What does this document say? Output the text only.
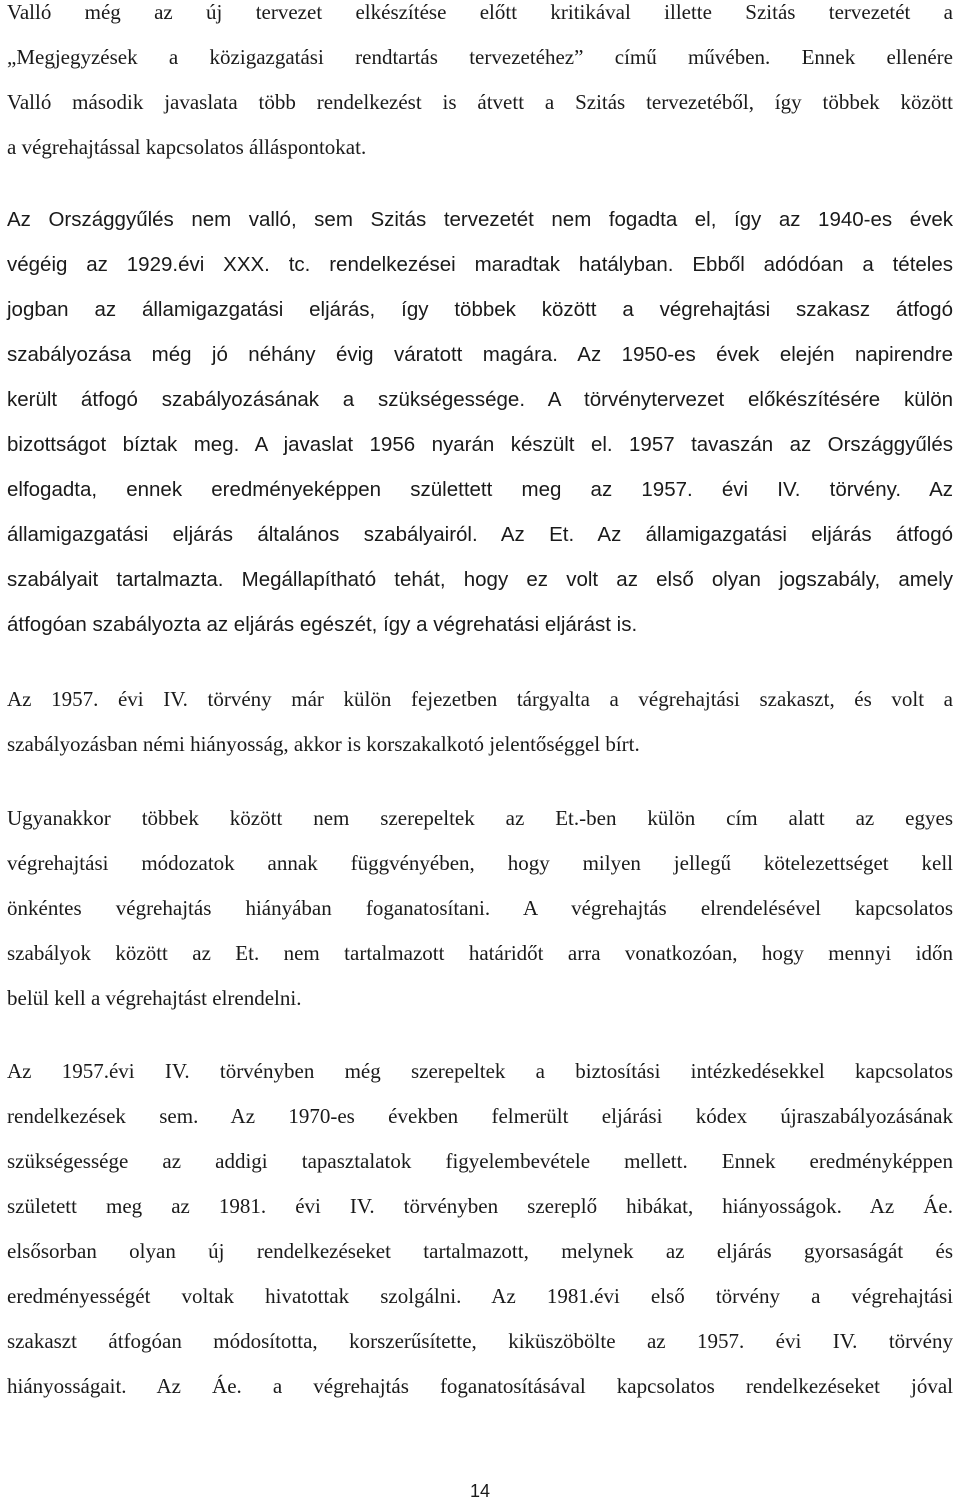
Valló még az új tervezet elkészítése előtt kritikával illette Szitás tervezetét a
„Megjegyzések a közigazgatási rendtartás tervezetéhez” című művében. Ennek ellenére
Valló második javaslata több rendelkezést is átvett a Szitás tervezetéből, így többek között
a végrehajtással kapcsolatos álláspontokat.

Az Országgyűlés nem valló, sem Szitás tervezetét nem fogadta el, így az 1940-es évek
végéig az 1929.évi XXX. tc. rendelkezései maradtak hatályban. Ebből adódóan a tételes
jogban az államigazgatási eljárás, így többek között a végrehajtási szakasz átfogó
szabályozása még jó néhány évig váratott magára. Az 1950-es évek elején napirendre
került átfogó szabályozásának a szükségessége. A törvénytervezet előkészítésére külön
bizottságot bíztak meg. A javaslat 1956 nyarán készült el. 1957 tavaszán az Országgyűlés
elfogadta, ennek eredményeképpen születtett meg az 1957. évi IV. törvény. Az
államigazgatási eljárás általános szabályairól. Az Et. Az államigazgatási eljárás átfogó
szabályait tartalmazta. Megállapítható tehát, hogy ez volt az első olyan jogszabály, amely
átfogóan szabályozta az eljárás egészét, így a végrehatási eljárást is.

Az 1957. évi IV. törvény már külön fejezetben tárgyalta a végrehajtási szakaszt, és volt a
szabályozásban némi hiányosság, akkor is korszakalkotó jelentőséggel bírt.

Ugyanakkor többek között nem szerepeltek az Et.-ben külön cím alatt az egyes
végrehajtási módozatok annak függvényében, hogy milyen jellegű kötelezettséget kell
önkéntes végrehajtás hiányában foganatosítani. A végrehajtás elrendelésével kapcsolatos
szabályok között az Et. nem tartalmazott határidőt arra vonatkozóan, hogy mennyi időn
belül kell a végrehajtást elrendelni.

Az 1957.évi IV. törvényben még szerepeltek a biztosítási intézkedésekkel kapcsolatos
rendelkezések sem. Az 1970-es években felmerült eljárási kódex újraszabályozásának
szükségessége az addigi tapasztalatok figyelembevétele mellett. Ennek eredményképpen
született meg az 1981. évi IV. törvényben szereplő hibákat, hiányosságok. Az Áe.
elsősorban olyan új rendelkezéseket tartalmazott, melynek az eljárás gyorsaságát és
eredményességét voltak hivatottak szolgálni. Az 1981.évi első törvény a végrehajtási
szakaszt átfogóan módosította, korszerűsítette, kiküszöbölte az 1957. évi IV. törvény
hiányosságait. Az Áe. a végrehajtás foganatosításával kapcsolatos rendelkezéseket jóval

14
